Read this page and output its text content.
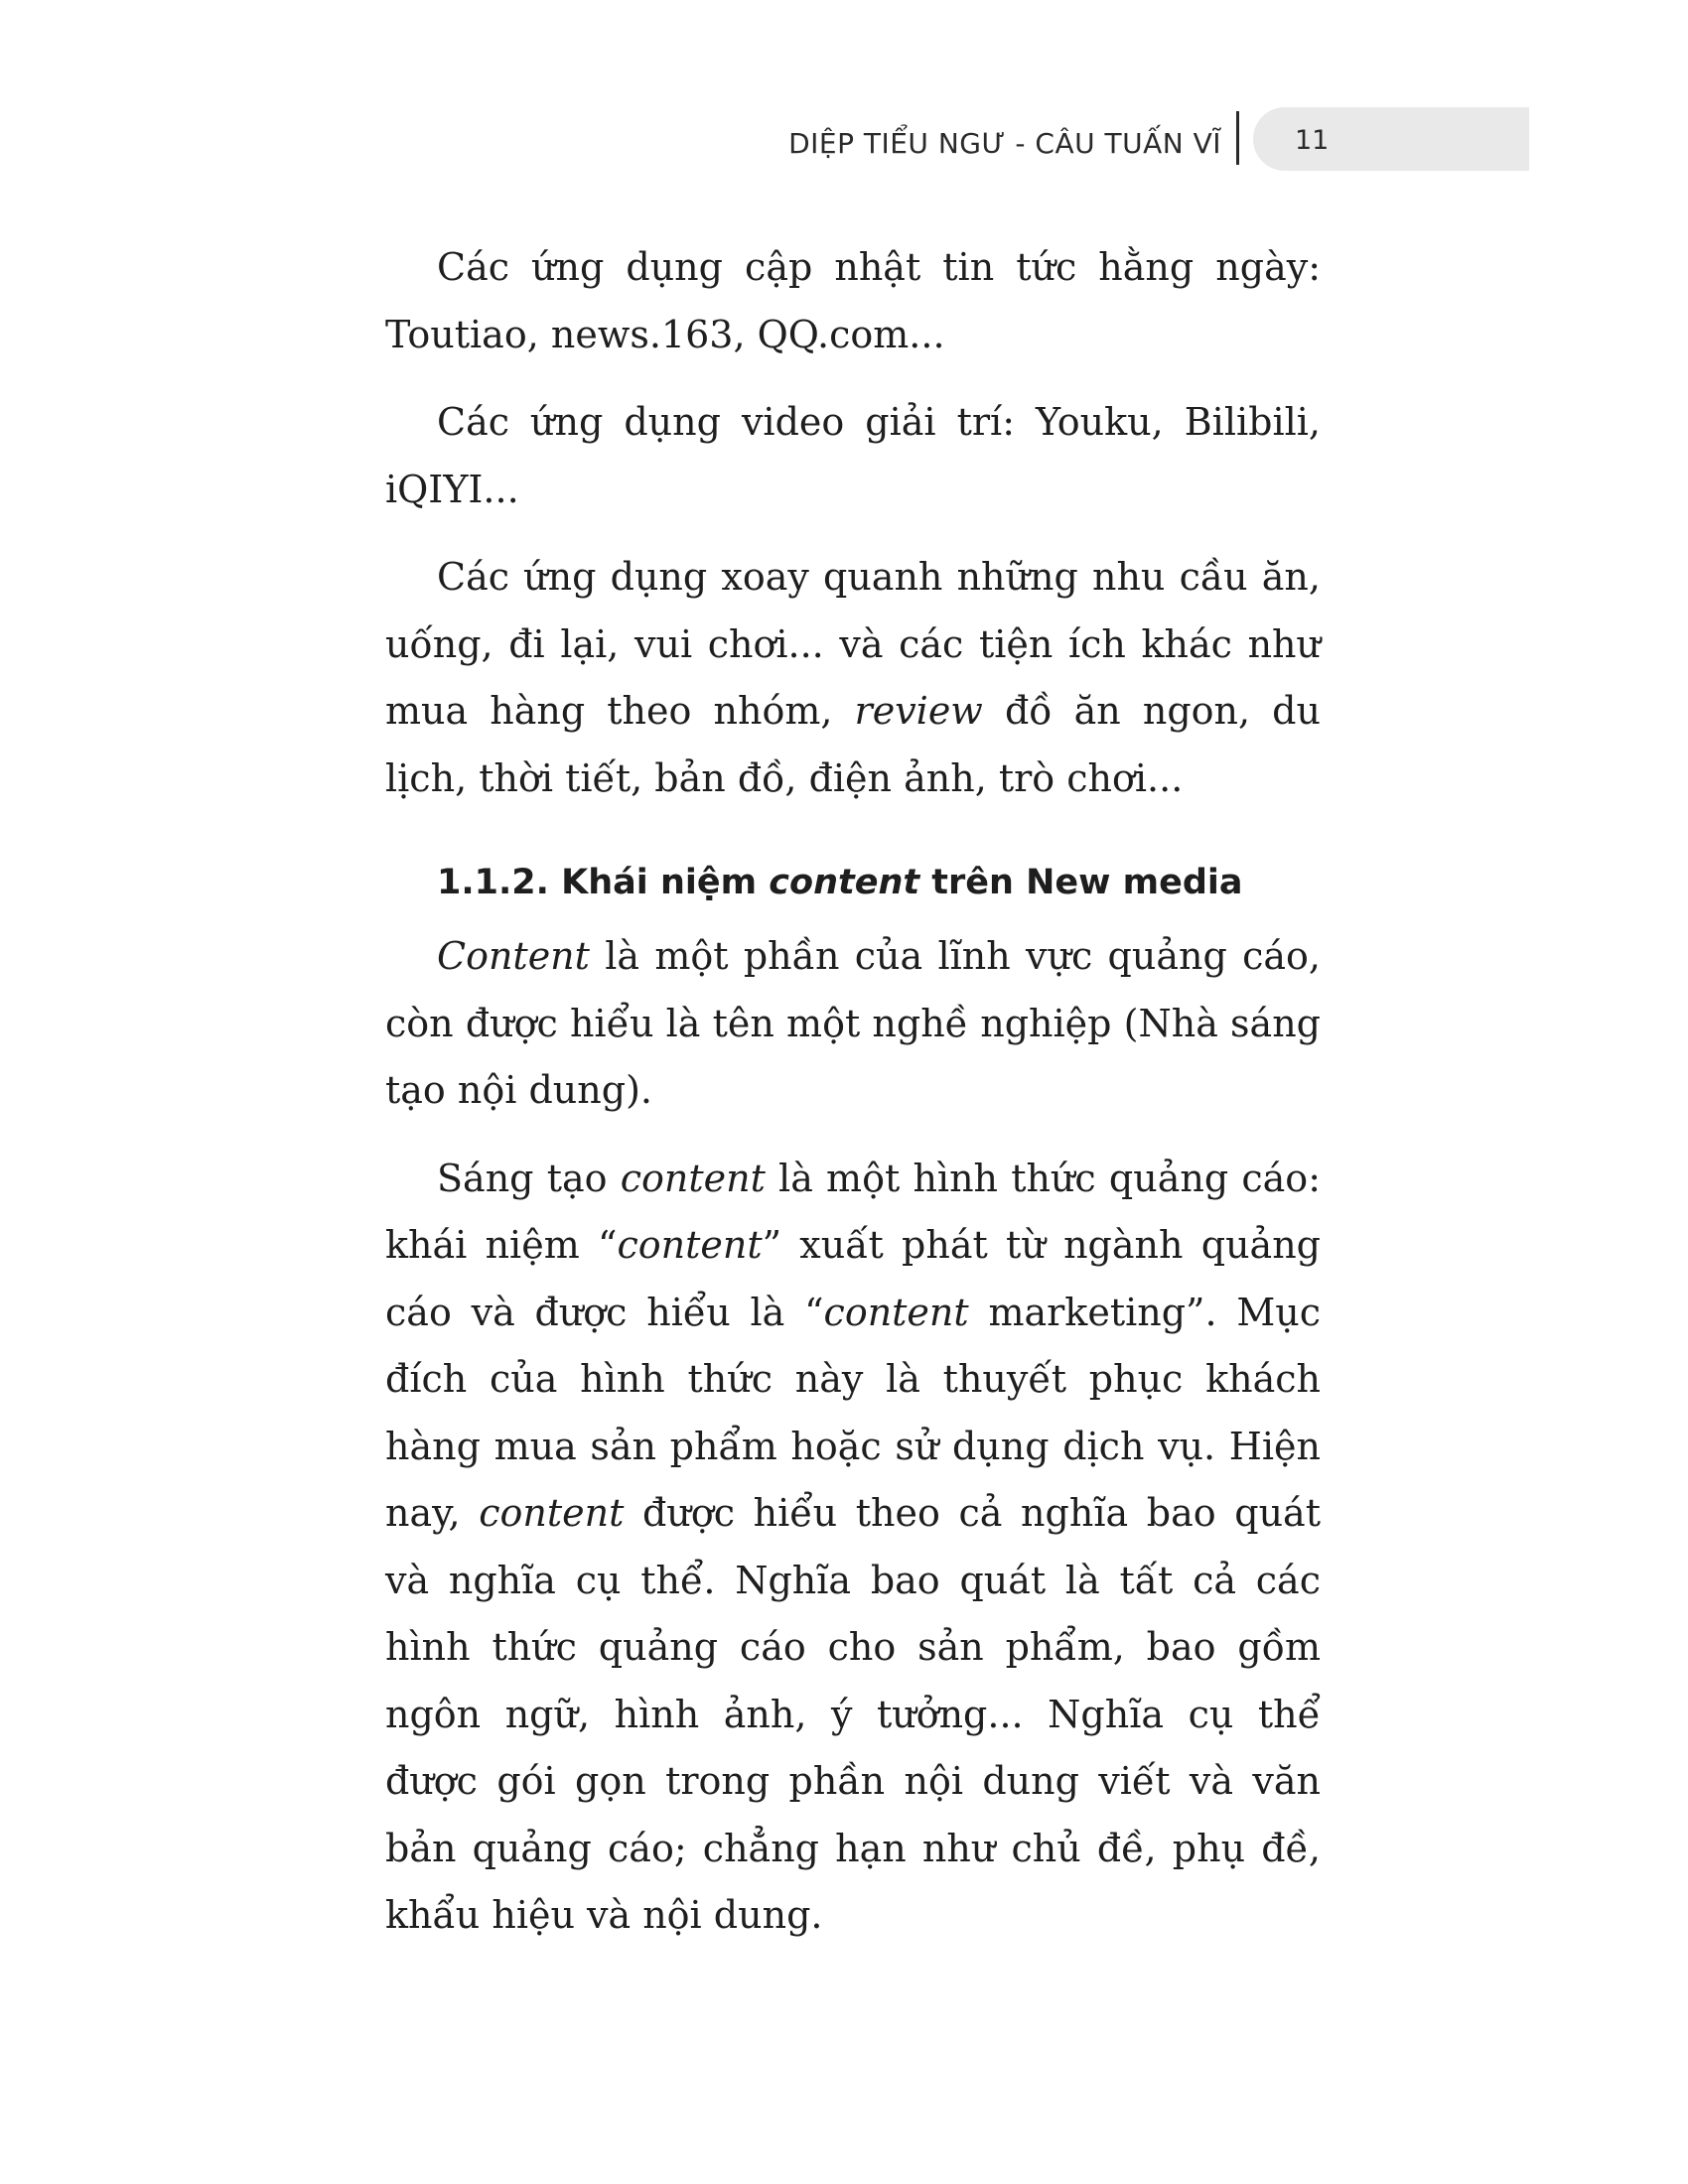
DIỆP TIỂU NGƯ - CÂU TUẤN VĨ	11

Các ứng dụng cập nhật tin tức hằng ngày: Toutiao, news.163, QQ.com...

Các ứng dụng video giải trí: Youku, Bilibili, iQIYI...

Các ứng dụng xoay quanh những nhu cầu ăn, uống, đi lại, vui chơi... và các tiện ích khác như mua hàng theo nhóm, review đồ ăn ngon, du lịch, thời tiết, bản đồ, điện ảnh, trò chơi...

1.1.2. Khái niệm content trên New media

Content là một phần của lĩnh vực quảng cáo, còn được hiểu là tên một nghề nghiệp (Nhà sáng tạo nội dung).

Sáng tạo content là một hình thức quảng cáo: khái niệm “content” xuất phát từ ngành quảng cáo và được hiểu là “content marketing”. Mục đích của hình thức này là thuyết phục khách hàng mua sản phẩm hoặc sử dụng dịch vụ. Hiện nay, content được hiểu theo cả nghĩa bao quát và nghĩa cụ thể. Nghĩa bao quát là tất cả các hình thức quảng cáo cho sản phẩm, bao gồm ngôn ngữ, hình ảnh, ý tưởng... Nghĩa cụ thể được gói gọn trong phần nội dung viết và văn bản quảng cáo; chẳng hạn như chủ đề, phụ đề, khẩu hiệu và nội dung.
